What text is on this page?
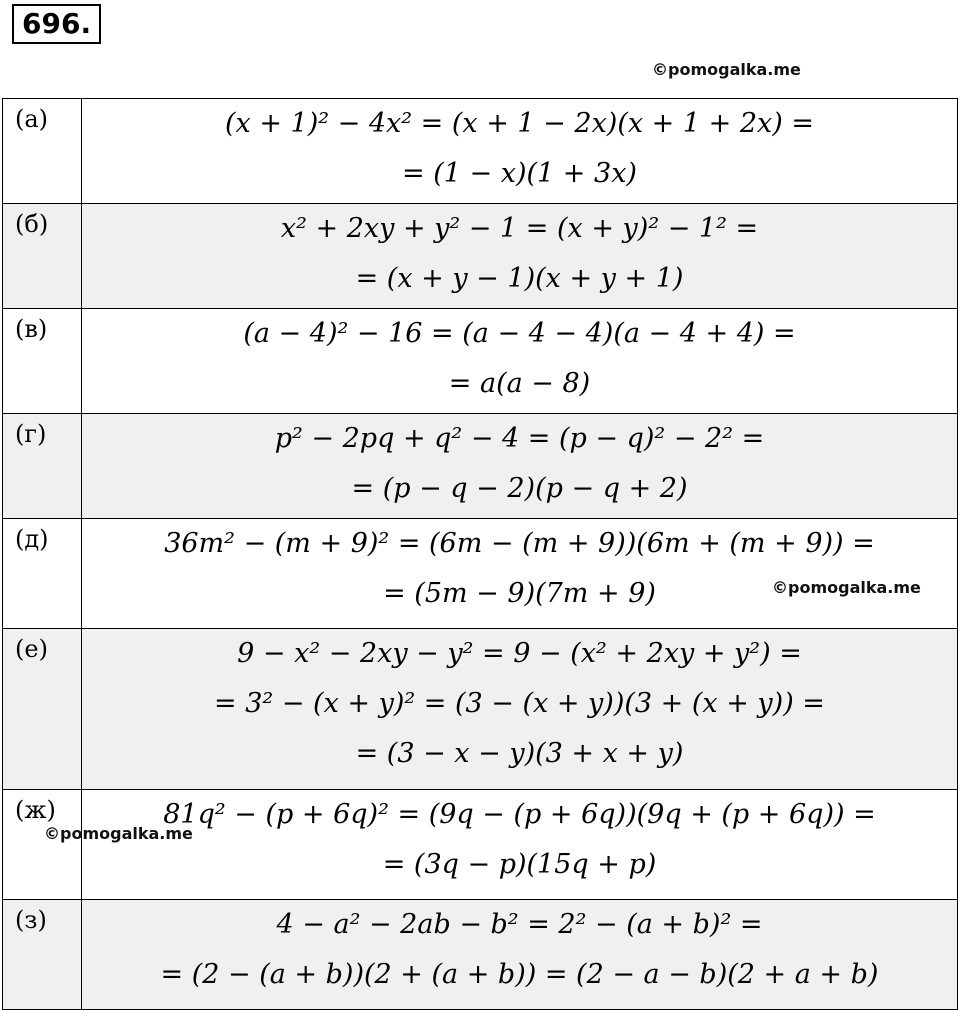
696.
©pomogalka.me
(а)	(x + 1)² − 4x² = (x + 1 − 2x)(x + 1 + 2x) =
= (1 − x)(1 + 3x)

(б)	x² + 2xy + y² − 1 = (x + y)² − 1² =
= (x + y − 1)(x + y + 1)

(в)	(a − 4)² − 16 = (a − 4 − 4)(a − 4 + 4) =
= a(a − 8)

(г)	p² − 2pq + q² − 4 = (p − q)² − 2² =
= (p − q − 2)(p − q + 2)

(д)	36m² − (m + 9)² = (6m − (m + 9))(6m + (m + 9)) =
= (5m − 9)(7m + 9)

(е)	9 − x² − 2xy − y² = 9 − (x² + 2xy + y²) =
= 3² − (x + y)² = (3 − (x + y))(3 + (x + y)) =
= (3 − x − y)(3 + x + y)

(ж)	81q² − (p + 6q)² = (9q − (p + 6q))(9q + (p + 6q)) =
= (3q − p)(15q + p)

(з)	4 − a² − 2ab − b² = 2² − (a + b)² =
= (2 − (a + b))(2 + (a + b)) = (2 − a − b)(2 + a + b)
©pomogalka.me
©pomogalka.me
